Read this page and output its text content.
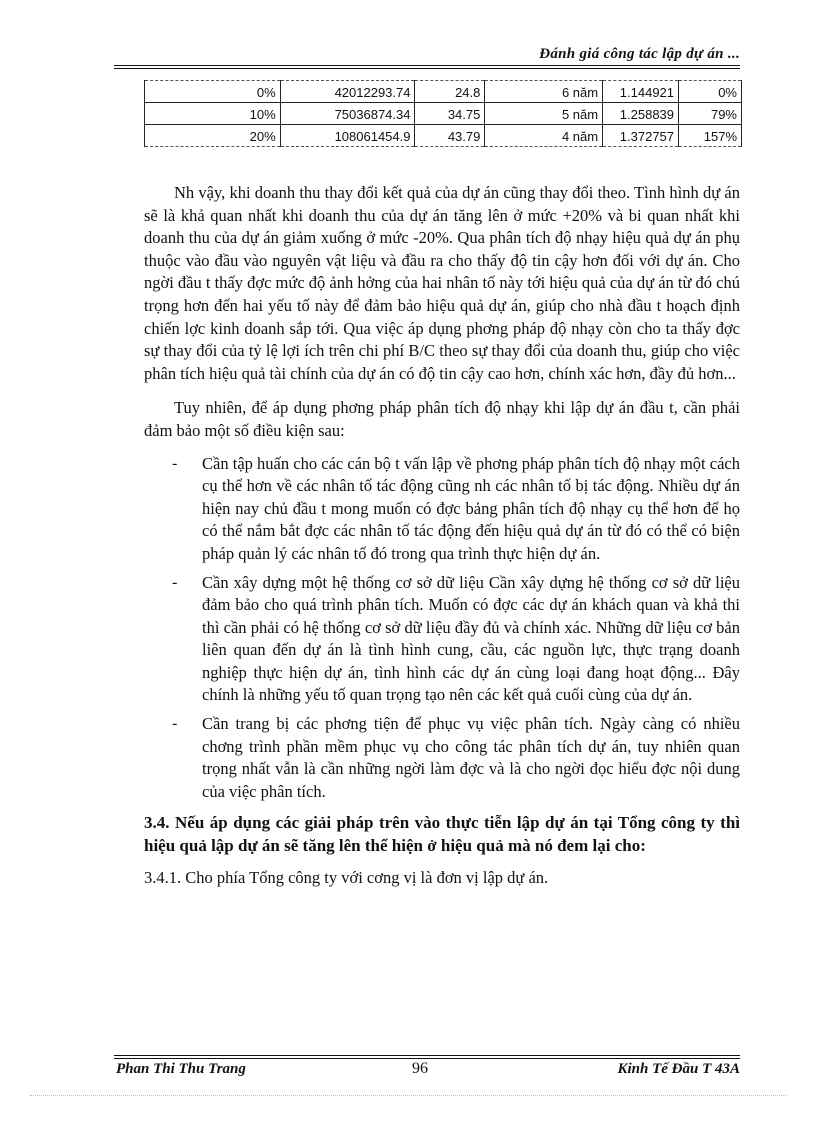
Đánh giá công tác lập dự án ...
0%	42012293.74	24.8	6 năm	1.144921	0%
10%	75036874.34	34.75	5 năm	1.258839	79%
20%	108061454.9	43.79	4 năm	1.372757	157%

Nh vậy, khi doanh thu thay đổi kết quả của dự án cũng thay đổi theo. Tình hình dự án sẽ là khả quan nhất khi doanh thu của dự án tăng lên ở mức +20% và bi quan nhất khi doanh thu của dự án giảm xuống ở mức -20%. Qua phân tích độ nhạy hiệu quả dự án phụ thuộc vào đầu vào nguyên vật liệu và đầu ra cho thấy độ tin cậy hơn đối với dự án. Cho ngời đầu t thấy đợc mức độ ảnh hởng của hai nhân tố này tới hiệu quả của dự án từ đó chú trọng hơn đến hai yếu tố này để đảm bảo hiệu quả dự án, giúp cho nhà đầu t hoạch định chiến lợc kinh doanh sắp tới. Qua việc áp dụng phơng pháp độ nhạy còn cho ta thấy đợc sự thay đổi của tỷ lệ lợi ích trên chi phí B/C theo sự thay đổi của doanh thu, giúp cho việc phân tích hiệu quả tài chính của dự án có độ tin cậy cao hơn, chính xác hơn, đầy đủ hơn...

Tuy nhiên, để áp dụng phơng pháp phân tích độ nhạy khi lập dự án đầu t, cần phải đảm bảo một số điều kiện sau:

- Cần tập huấn cho các cán bộ t vấn lập về phơng pháp phân tích độ nhạy một cách cụ thể hơn về các nhân tố tác động cũng nh các nhân tố bị tác động. Nhiều dự án hiện nay chủ đầu t mong muốn có đợc bảng phân tích độ nhạy cụ thể hơn để họ có thể nắm bắt đợc các nhân tố tác động đến hiệu quả dự án từ đó có thể có biện pháp quản lý các nhân tố đó trong qua trình thực hiện dự án.
- Cần xây dựng một hệ thống cơ sở dữ liệu Cần xây dựng hệ thống cơ sở dữ liệu đảm bảo cho quá trình phân tích. Muốn có đợc các dự án khách quan và khả thi thì cần phải có hệ thống cơ sở dữ liệu đầy đủ và chính xác. Những dữ liệu cơ bản liên quan đến dự án là tình hình cung, cầu, các nguồn lực, thực trạng doanh nghiệp thực hiện dự án, tình hình các dự án cùng loại đang hoạt động... Đây chính là những yếu tố quan trọng tạo nên các kết quả cuối cùng của dự án.
- Cần trang bị các phơng tiện để phục vụ việc phân tích. Ngày càng có nhiều chơng trình phần mềm phục vụ cho công tác phân tích dự án, tuy nhiên quan trọng nhất vẫn là cần những ngời làm đợc và là cho ngời đọc hiểu đợc nội dung của việc phân tích.
3.4. Nếu áp dụng các giải pháp trên vào thực tiễn lập dự án tại Tổng công ty thì hiệu quả lập dự án sẽ tăng lên thể hiện ở hiệu quả mà nó đem lại cho:
3.4.1. Cho phía Tổng công ty với cơng vị là đơn vị lập dự án.
Phan Thi Thu Trang	96	Kinh Tế Đầu T 43A
